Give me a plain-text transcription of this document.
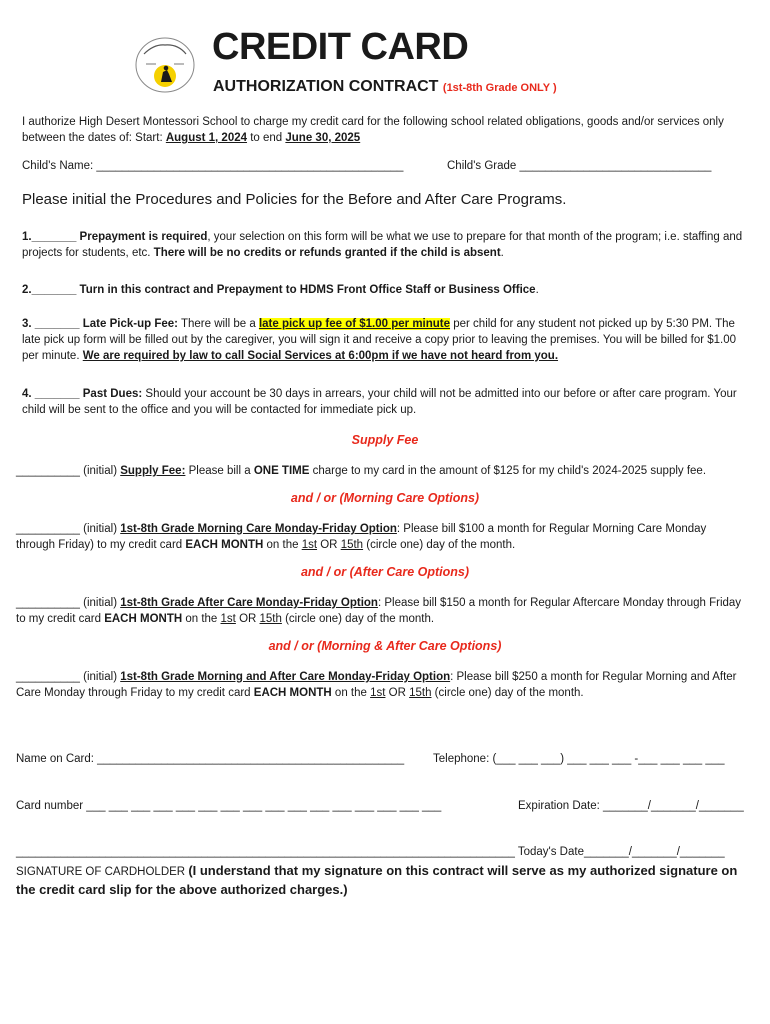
CREDIT CARD
AUTHORIZATION CONTRACT (1st-8th Grade ONLY )
I authorize High Desert Montessori School to charge my credit card for the following school related obligations, goods and/or services only between the dates of: Start: August 1, 2024 to end June 30, 2025
Child's Name: ________________________________________________	Child's Grade ______________________________
Please initial the Procedures and Policies for the Before and After Care Programs.
1._______ Prepayment is required, your selection on this form will be what we use to prepare for that month of the program; i.e. staffing and projects for students, etc. There will be no credits or refunds granted if the child is absent.
2._______ Turn in this contract and Prepayment to HDMS Front Office Staff or Business Office.
3. _______ Late Pick-up Fee: There will be a late pick up fee of $1.00 per minute per child for any student not picked up by 5:30 PM. The late pick up form will be filled out by the caregiver, you will sign it and receive a copy prior to leaving the premises. You will be billed for $1.00 per minute. We are required by law to call Social Services at 6:00pm if we have not heard from you.
4. _______ Past Dues: Should your account be 30 days in arrears, your child will not be admitted into our before or after care program. Your child will be sent to the office and you will be contacted for immediate pick up.
Supply Fee
__________ (initial) Supply Fee: Please bill a ONE TIME charge to my card in the amount of $125 for my child's 2024-2025 supply fee.
and / or (Morning Care Options)
__________ (initial) 1st-8th Grade Morning Care Monday-Friday Option: Please bill $100 a month for Regular Morning Care Monday through Friday) to my credit card EACH MONTH on the 1st OR 15th (circle one) day of the month.
and / or (After Care Options)
__________ (initial) 1st-8th Grade After Care Monday-Friday Option: Please bill $150 a month for Regular Aftercare Monday through Friday to my credit card EACH MONTH on the 1st OR 15th (circle one) day of the month.
and / or (Morning & After Care Options)
__________ (initial) 1st-8th Grade Morning and After Care Monday-Friday Option: Please bill $250 a month for Regular Morning and After Care Monday through Friday to my credit card EACH MONTH on the 1st OR 15th (circle one) day of the month.
Name on Card: ________________________________________________	Telephone: (___ ___ ___) ___ ___ ___ -___ ___ ___ ___
Card number ___ ___ ___ ___ ___ ___ ___ ___ ___ ___ ___ ___ ___ ___ ___ ___	Expiration Date: _______/_______/_______
______________________________________________________________________________ Today's Date_______/_______/_______
SIGNATURE OF CARDHOLDER (I understand that my signature on this contract will serve as my authorized signature on the credit card slip for the above authorized charges.)
